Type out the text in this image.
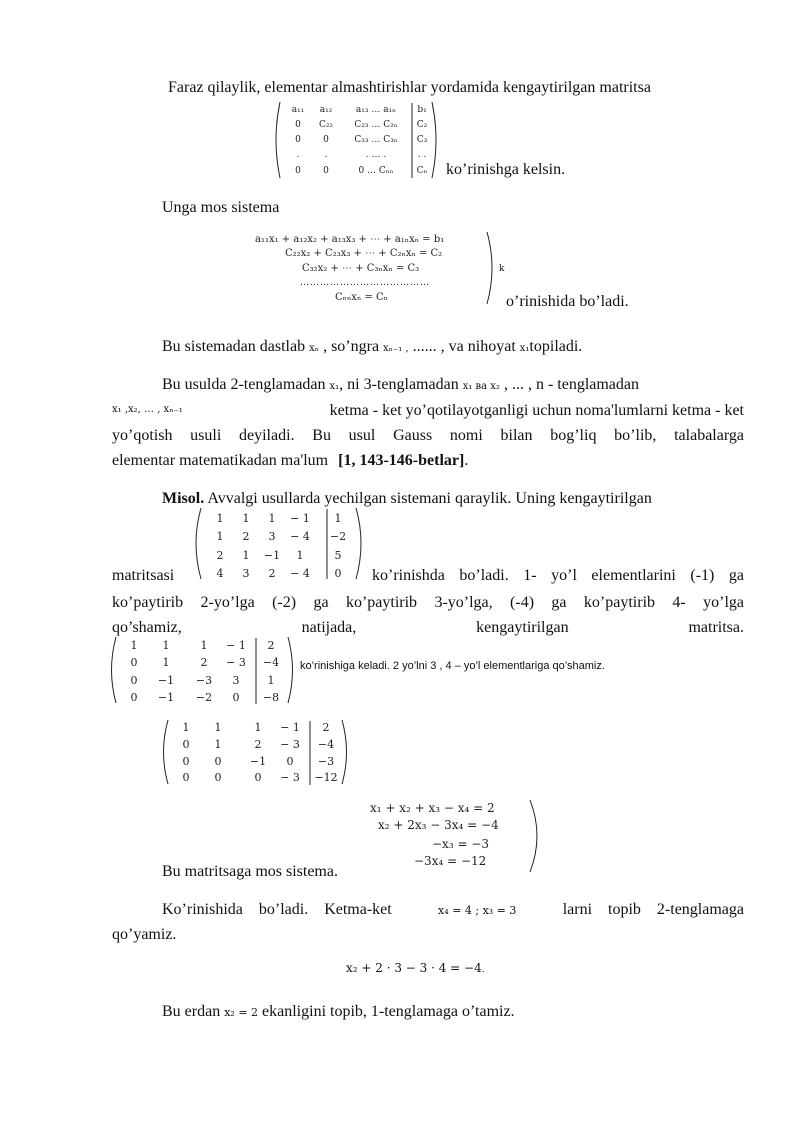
Faraz qilaylik, elementar almashtirishlar yordamida kengaytirilgan matritsa
a₁₁ a₁₂	a₁₃ … a₁ₙ b₁
0 C₂₂ C₂₃ … C₂ₙ C₂
0 0	C₃₃ … C₃ₙ C₃
.	.	. … .	. .
0 0	0 … Cₙₙ	Cₙ ko’rinishga kelsin.
Unga mos sistema
a₁₁x₁ + a₁₂x₂ + a₁₃x₃ + ⋯ + a₁ₙxₙ = b₁
C₂₂x₂ + C₂₃x₃ + ⋯ + C₂ₙxₙ = C₂
C₃₂x₂ + ⋯ + C₃ₙxₙ = C₃
…………………………………
Cₙₙxₙ = Cₙ
k
o’rinishida bo’ladi.
Bu sistemadan dastlab xₙ , so’ngra xₙ₋₁ , ...... , va nihoyat x₁topiladi.
Bu usulda 2-tenglamadan x₁, ni 3-tenglamadan x₁ ва x₂ , ... , n - tenglamadan
x₁ ,x₂, … , xₙ₋₁	ketma - ket yo’qotilayotganligi uchun noma'lumlarni ketma - ket
yo’qotish usuli deyiladi. Bu usul Gauss nomi bilan bog’liq bo’lib, talabalarga
elementar matematikadan ma'lum [1, 143-146-betlar].
Misol. Avvalgi usullarda yechilgan sistemani qaraylik. Uning kengaytirilgan
1 1 1 − 1 1
1 2 3 − 4 −2
2 1 −1 1	5
4 3 2 − 4 0
matritsasi	ko’rinishda bo’ladi. 1- yo’l elementlarini (-1) ga
ko’paytirib 2-yo’lga (-2) ga ko’paytirib 3-yo’lga, (-4) ga ko’paytirib 4- yo’lga
qo’shamiz, natijada, kengaytirilgan matritsa.
1 1	1 − 1 2
0 1	2 − 3 −4
0 −1 −3 3	1
0 −1 −2 0 −8
ko’rinishiga keladi. 2 yo’lni 3 , 4 – yo’l elementlariga qo’shamiz.
1 1	1 − 1 2
0 1	2 − 3 −4
0 0	−1 0 −3
0 0	0 − 3 −12
x₁ + x₂ + x₃ − x₄ = 2
x₂ + 2x₃ − 3x₄ = −4
−x₃ = −3
−3x₄ = −12
Bu matritsaga mos sistema.
Ko’rinishida bo’ladi. Ketma-ket	x₄ = 4 ; x₃ = 3	larni topib 2-tenglamaga
qo’yamiz.
x₂ + 2 · 3 − 3 · 4 = −4.
Bu erdan x₂ = 2 ekanligini topib, 1-tenglamaga o’tamiz.
